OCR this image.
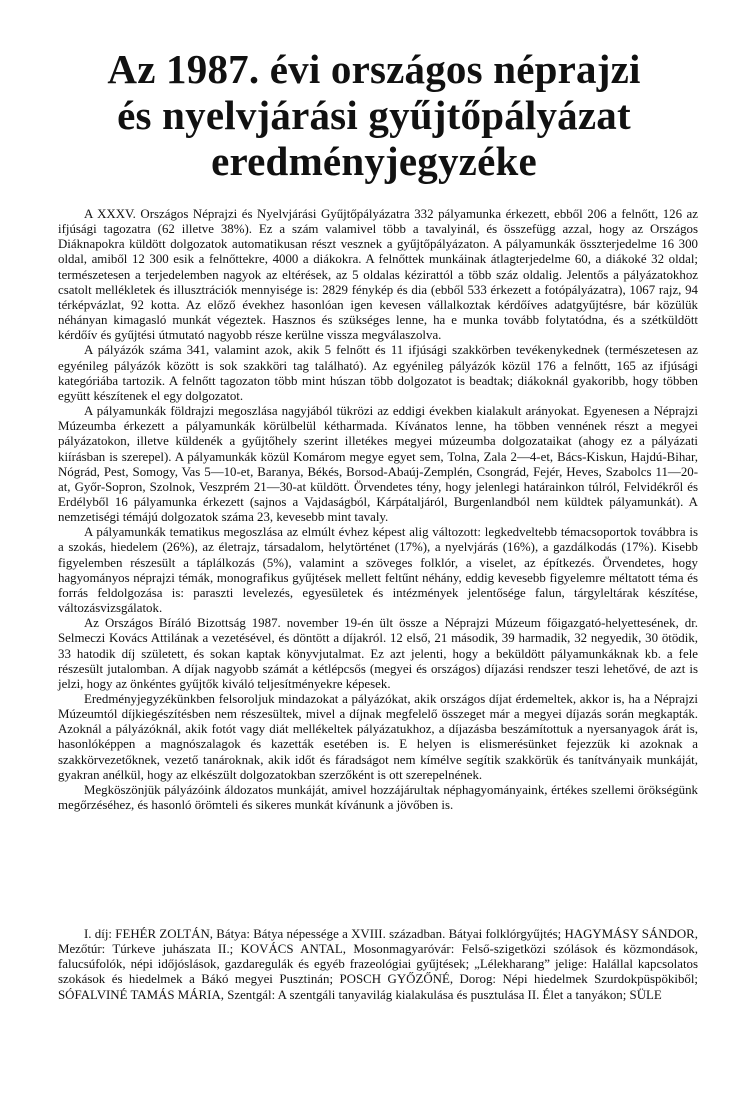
Az 1987. évi országos néprajzi
és nyelvjárási gyűjtőpályázat
eredményjegyzéke

A XXXV. Országos Néprajzi és Nyelvjárási Gyűjtőpályázatra 332 pályamunka érkezett, ebből 206 a felnőtt, 126 az ifjúsági tagozatra (62 illetve 38%). Ez a szám valamivel több a tavalyinál, és összefügg azzal, hogy az Országos Diáknapokra küldött dolgozatok automatikusan részt vesznek a gyűjtőpályázaton. A pályamunkák összterjedelme 16 300 oldal, amiből 12 300 esik a felnőttekre, 4000 a diákokra. A felnőttek munkáinak átlagterjedelme 60, a diákoké 32 oldal; természetesen a terjedelemben nagyok az eltérések, az 5 oldalas kézirattól a több száz oldalig. Jelentős a pályázatokhoz csatolt mellékletek és illusztrációk mennyisége is: 2829 fénykép és dia (ebből 533 érkezett a fotópályázatra), 1067 rajz, 94 térképvázlat, 92 kotta. Az előző évekhez hasonlóan igen kevesen vállalkoztak kérdőíves adatgyűjtésre, bár közülük néhányan kimagasló munkát végeztek. Hasznos és szükséges lenne, ha e munka tovább folytatódna, és a szétküldött kérdőív és gyűjtési útmutató nagyobb része kerülne vissza megválaszolva.

A pályázók száma 341, valamint azok, akik 5 felnőtt és 11 ifjúsági szakkörben tevékenykednek (természetesen az egyénileg pályázók között is sok szakköri tag található). Az egyénileg pályázók közül 176 a felnőtt, 165 az ifjúsági kategóriába tartozik. A felnőtt tagozaton több mint húszan több dolgozatot is beadtak; diákoknál gyakoribb, hogy többen együtt készítenek el egy dolgozatot.

A pályamunkák földrajzi megoszlása nagyjából tükrözi az eddigi években kialakult arányokat. Egyenesen a Néprajzi Múzeumba érkezett a pályamunkák körülbelül kétharmada. Kívánatos lenne, ha többen vennének részt a megyei pályázatokon, illetve küldenék a gyűjtőhely szerint illetékes megyei múzeumba dolgozataikat (ahogy ez a pályázati kiírásban is szerepel). A pályamunkák közül Komárom megye egyet sem, Tolna, Zala 2—4-et, Bács-Kiskun, Hajdú-Bihar, Nógrád, Pest, Somogy, Vas 5—10-et, Baranya, Békés, Borsod-Abaúj-Zemplén, Csongrád, Fejér, Heves, Szabolcs 11—20-at, Győr-Sopron, Szolnok, Veszprém 21—30-at küldött. Örvendetes tény, hogy jelenlegi határainkon túlról, Felvidékről és Erdélyből 16 pályamunka érkezett (sajnos a Vajdaságból, Kárpátaljáról, Burgenlandból nem küldtek pályamunkát). A nemzetiségi témájú dolgozatok száma 23, kevesebb mint tavaly.

A pályamunkák tematikus megoszlása az elmúlt évhez képest alig változott: legkedveltebb témacsoportok továbbra is a szokás, hiedelem (26%), az életrajz, társadalom, helytörténet (17%), a nyelvjárás (16%), a gazdálkodás (17%). Kisebb figyelemben részesült a táplálkozás (5%), valamint a szöveges folklór, a viselet, az építkezés. Örvendetes, hogy hagyományos néprajzi témák, monografikus gyűjtések mellett feltűnt néhány, eddig kevesebb figyelemre méltatott téma és forrás feldolgozása is: paraszti levelezés, egyesületek és intézmények jelentősége falun, tárgyleltárak készítése, változásvizsgálatok.

Az Országos Bíráló Bizottság 1987. november 19-én ült össze a Néprajzi Múzeum főigazgató-helyettesének, dr. Selmeczi Kovács Attilának a vezetésével, és döntött a díjakról. 12 első, 21 második, 39 harmadik, 32 negyedik, 30 ötödik, 33 hatodik díj született, és sokan kaptak könyvjutalmat. Ez azt jelenti, hogy a beküldött pályamunkáknak kb. a fele részesült jutalomban. A díjak nagyobb számát a kétlépcsős (megyei és országos) díjazási rendszer teszi lehetővé, de azt is jelzi, hogy az önkéntes gyűjtők kiváló teljesítményekre képesek.

Eredményjegyzékünkben felsoroljuk mindazokat a pályázókat, akik országos díjat érdemeltek, akkor is, ha a Néprajzi Múzeumtól díjkiegészítésben nem részesültek, mivel a díjnak megfelelő összeget már a megyei díjazás során megkapták. Azoknál a pályázóknál, akik fotót vagy diát mellékeltek pályázatukhoz, a díjazásba beszámítottuk a nyersanyagok árát is, hasonlóképpen a magnószalagok és kazetták esetében is. E helyen is elismerésünket fejezzük ki azoknak a szakkörvezetőknek, vezető tanároknak, akik időt és fáradságot nem kímélve segítik szakkörük és tanítványaik munkáját, gyakran anélkül, hogy az elkészült dolgozatokban szerzőként is ott szerepelnének.

Megköszönjük pályázóink áldozatos munkáját, amivel hozzájárultak néphagyományaink, értékes szellemi örökségünk megőrzéséhez, és hasonló örömteli és sikeres munkát kívánunk a jövőben is.

I. díj: FEHÉR ZOLTÁN, Bátya: Bátya népessége a XVIII. században. Bátyai folklórgyűjtés; HAGYMÁSY SÁNDOR, Mezőtúr: Túrkeve juhászata II.; KOVÁCS ANTAL, Mosonmagyaróvár: Felső-szigetközi szólások és közmondások, falucsúfolók, népi időjóslások, gazdaregulák és egyéb frazeológiai gyűjtések; „Lélekharang” jeligе: Halállal kapcsolatos szokások és hiedelmek a Bákó megyei Pusztinán; POSCH GYŐZŐNÉ, Dorog: Népi hiedelmek Szurdokpüspökiből; SÓFALVINÉ TAMÁS MÁRIA, Szentgál: A szentgáli tanyavilág kialakulása és pusztulása II. Élet a tanyákon; SÜLE
